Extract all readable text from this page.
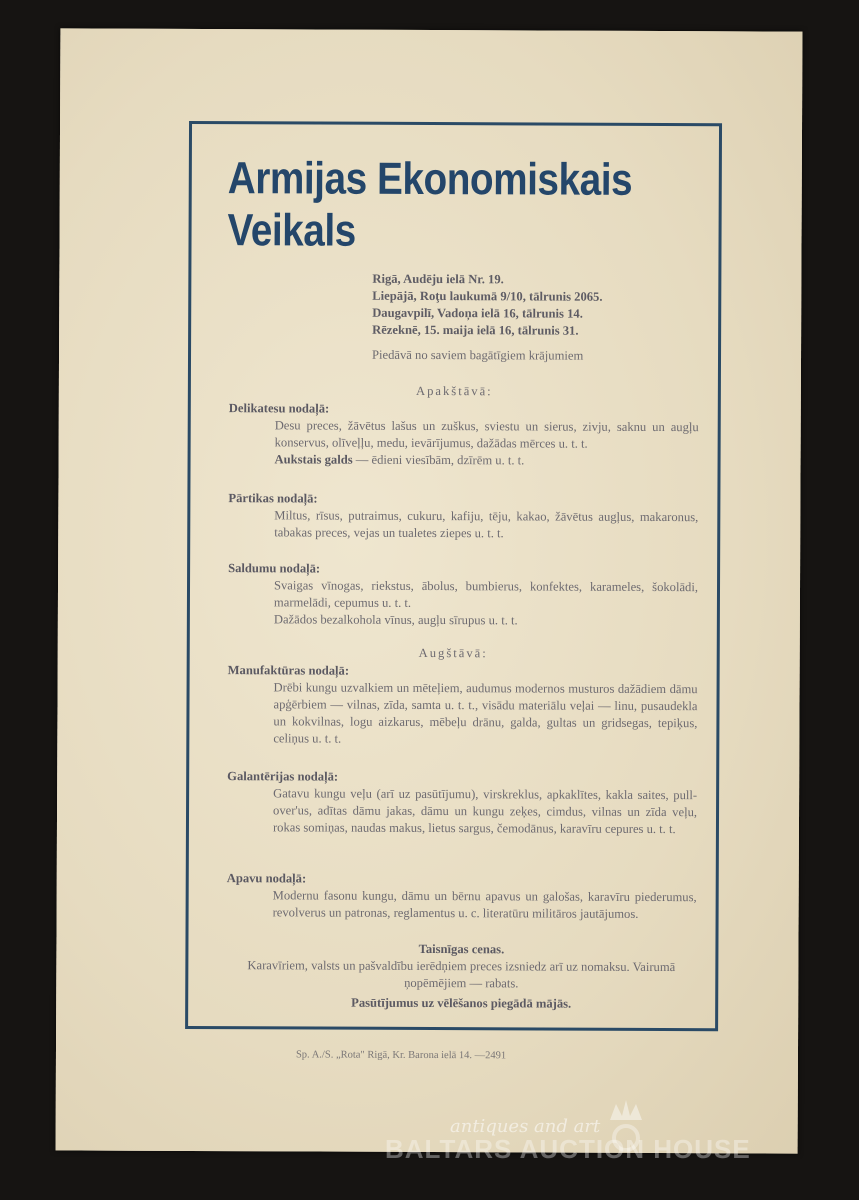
Armijas Ekonomiskais
Veikals
Rigā, Audēju ielā Nr. 19.
Liepājā, Roţu laukumā 9/10, tālrunis 2065.
Daugavpilī, Vadoņa ielā 16, tālrunis 14.
Rēzeknē, 15. maija ielā 16, tālrunis 31.
Piedāvā no saviem bagātīgiem krājumiem
Apakštāvā:
Delikatesu nodaļā:
Desu preces, žāvētus lašus un zuškus, sviestu un sierus, zivju, saknu un augļu konservus, olīveļļu, medu, ievārījumus, dažādas mērces u. t. t.
Aukstais galds — ēdieni viesībām, dzīrēm u. t. t.
Pārtikas nodaļā:
Miltus, rīsus, putraimus, cukuru, kafiju, tēju, kakao, žāvētus augļus, makaronus, tabakas preces, vejas un tualetes ziepes u. t. t.
Saldumu nodaļā:
Svaigas vīnogas, riekstus, ābolus, bumbierus, konfektes, karameles, šokolādi, marmelādi, cepumus u. t. t.
Dažādos bezalkohola vīnus, augļu sīrupus u. t. t.
Augštāvā:
Manufaktūras nodaļā:
Drēbi kungu uzvalkiem un mēteļiem, audumus modernos musturos dažādiem dāmu apģērbiem — vilnas, zīda, samta u. t. t., visādu materiālu veļai — linu, pusaudekla un kokvilnas, logu aizkarus, mēbeļu drānu, galda, gultas un gridsegas, tepiķus, celiņus u. t. t.
Galantērijas nodaļā:
Gatavu kungu veļu (arī uz pasūtījumu), virskreklus, apkaklītes, kakla saites, pull-over'us, adītas dāmu jakas, dāmu un kungu zeķes, cimdus, vilnas un zīda veļu, rokas somiņas, naudas makus, lietus sargus, čemodānus, karavīru cepures u. t. t.
Apavu nodaļā:
Modernu fasonu kungu, dāmu un bērnu apavus un galošas, karavīru piederumus, revolverus un patronas, reglamentus u. c. literatūru militāros jautājumos.
Taisnīgas cenas.
Karavīriem, valsts un pašvaldību ierēdņiem preces izsniedz arī uz nomaksu. Vairumā ņopēmējiem — rabats.
Pasūtījumus uz vēlēšanos piegādā mājās.
Sp. A./S. „Rota" Rigā, Kr. Barona ielā 14. —2491
antiques and art
BALTARS AUCTION HOUSE
